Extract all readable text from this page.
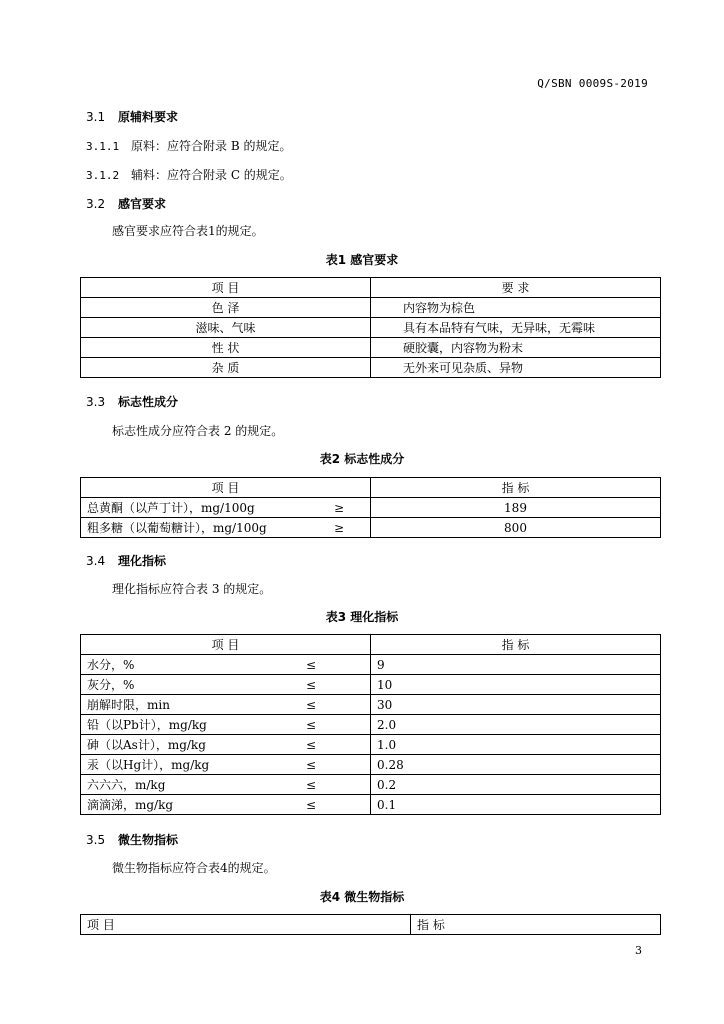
Q/SBN 0009S-2019
3.1 原辅料要求
3.1.1 原料：应符合附录 B 的规定。
3.1.2 辅料：应符合附录 C 的规定。
3.2 感官要求
感官要求应符合表1的规定。
表1 感官要求
项 目	要 求
色 泽	内容物为棕色
滋味、气味	具有本品特有气味，无异味，无霉味
性 状	硬胶囊，内容物为粉末
杂 质	无外来可见杂质、异物
3.3 标志性成分
标志性成分应符合表 2 的规定。
表2 标志性成分
项 目	指 标

总黄酮（以芦丁计），mg/100g ≥	189

粗多糖（以葡萄糖计），mg/100g ≥	800
3.4 理化指标
理化指标应符合表 3 的规定。
表3 理化指标
项 目	指 标

水分，% ≤	9

灰分，% ≤	10

崩解时限，min ≤	30

铅（以Pb计），mg/kg ≤	2.0

砷（以As计），mg/kg ≤	1.0

汞（以Hg计），mg/kg ≤	0.28

六六六，m/kg ≤	0.2

滴滴涕，mg/kg ≤	0.1
3.5 微生物指标
微生物指标应符合表4的规定。
表4 微生物指标
项 目	指 标
3
